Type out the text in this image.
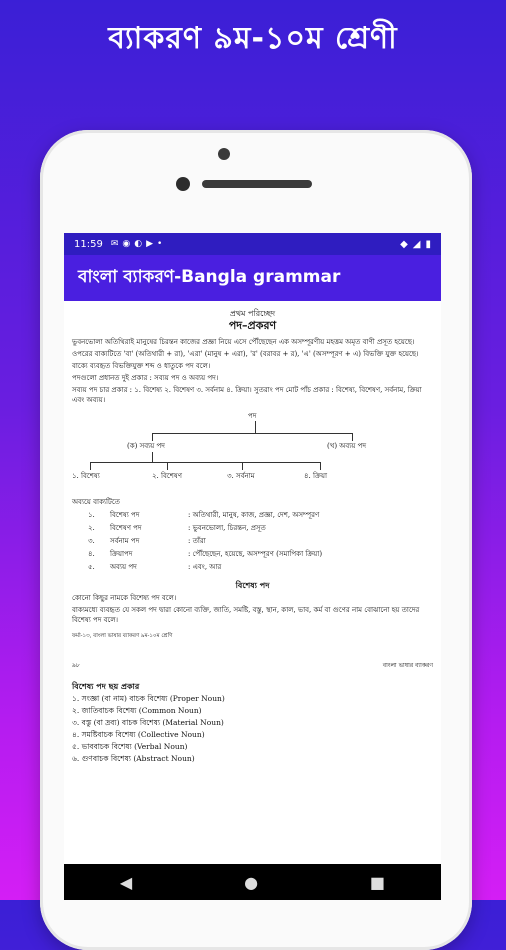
ব্যাকরণ ৯ম-১০ম শ্রেণী
11:59 ✉ ◉ ◐ ▶ •	◆ ◢ ▮
বাংলা ব্যাকরণ-Bangla grammar
প্রথম পরিচ্ছেদ
পদ–প্রকরণ
ভুবনভোলা অতিথিরাই মানুষের চিরন্তন কাজের প্রজ্ঞা নিয়ে এসে পৌঁছেছেন এক অসম্পূরণীয় মহত্তম অমৃত বাণী প্রসূত হয়েছে।
ওপরের বাক্যটিতে 'বা' (অতিথারী + রা), 'এরা' (মানুষ + এরা), 'র' (বরাবর + র), 'এ' (অসম্পূরণ + এ) বিভক্তি যুক্ত হয়েছে।
বাক্যে ব্যবহৃত বিভক্তিযুক্ত শব্দ ও ধাতুকে পদ বলে।
পদগুলো প্রধানত দুই প্রকার : সব্যয় পদ ও অব্যয় পদ।
সব্যয় পদ চার প্রকার : ১. বিশেষ্য ২. বিশেষণ ৩. সর্বনাম ৪. ক্রিয়া। সুতরাং পদ মোট পাঁচ প্রকার : বিশেষ্য, বিশেষণ, সর্বনাম, ক্রিয়া এবং অব্যয়।
পদ
(ক) সব্যয় পদ	(খ) অব্যয় পদ
১. বিশেষ্য	২. বিশেষণ	৩. সর্বনাম	৪. ক্রিয়া
অব্যয়ে বাক্যটিতে
১.	বিশেষ্য পদ	: অতিথারী, মানুষ, কাজ, প্রজ্ঞা, দেশ, অসম্পূরণ
২.	বিশেষণ পদ	: ভুবনভোলা, চিরন্তন, প্রসূত
৩.	সর্বনাম পদ	: তাঁরা
৪.	ক্রিয়াপদ	: পৌঁছেছেন, হয়েছে, অসম্পূরণ (সমাপিকা ক্রিয়া)
৫.	অব্যয় পদ	: এবং, আর
বিশেষ্য পদ
কোনো কিছুর নামকে বিশেষ্য পদ বলে।
বাক্যমধ্যে ব্যবহৃত যে সকল পদ দ্বারা কোনো ব্যক্তি, জাতি, সমষ্টি, বস্তু, স্থান, কাল, ভাব, কর্ম বা গুণের নাম বোঝানো হয় তাদের বিশেষ্য পদ বলে।
ফর্মা-১৩, বাংলা ভাষার ব্যাকরণ ৯ম-১০ম শ্রেণি
৯৮	বাংলা ভাষার ব্যাকরণ
বিশেষ্য পদ ছয় প্রকার
১. সংজ্ঞা (বা নাম) বাচক বিশেষ্য (Proper Noun)
২. জাতিবাচক বিশেষ্য (Common Noun)
৩. বস্তু (বা দ্রব্য) বাচক বিশেষ্য (Material Noun)
৪. সমষ্টিবাচক বিশেষ্য (Collective Noun)
৫. ভাববাচক বিশেষ্য (Verbal Noun)
৬. গুণবাচক বিশেষ্য (Abstract Noun)
◀	●	■
